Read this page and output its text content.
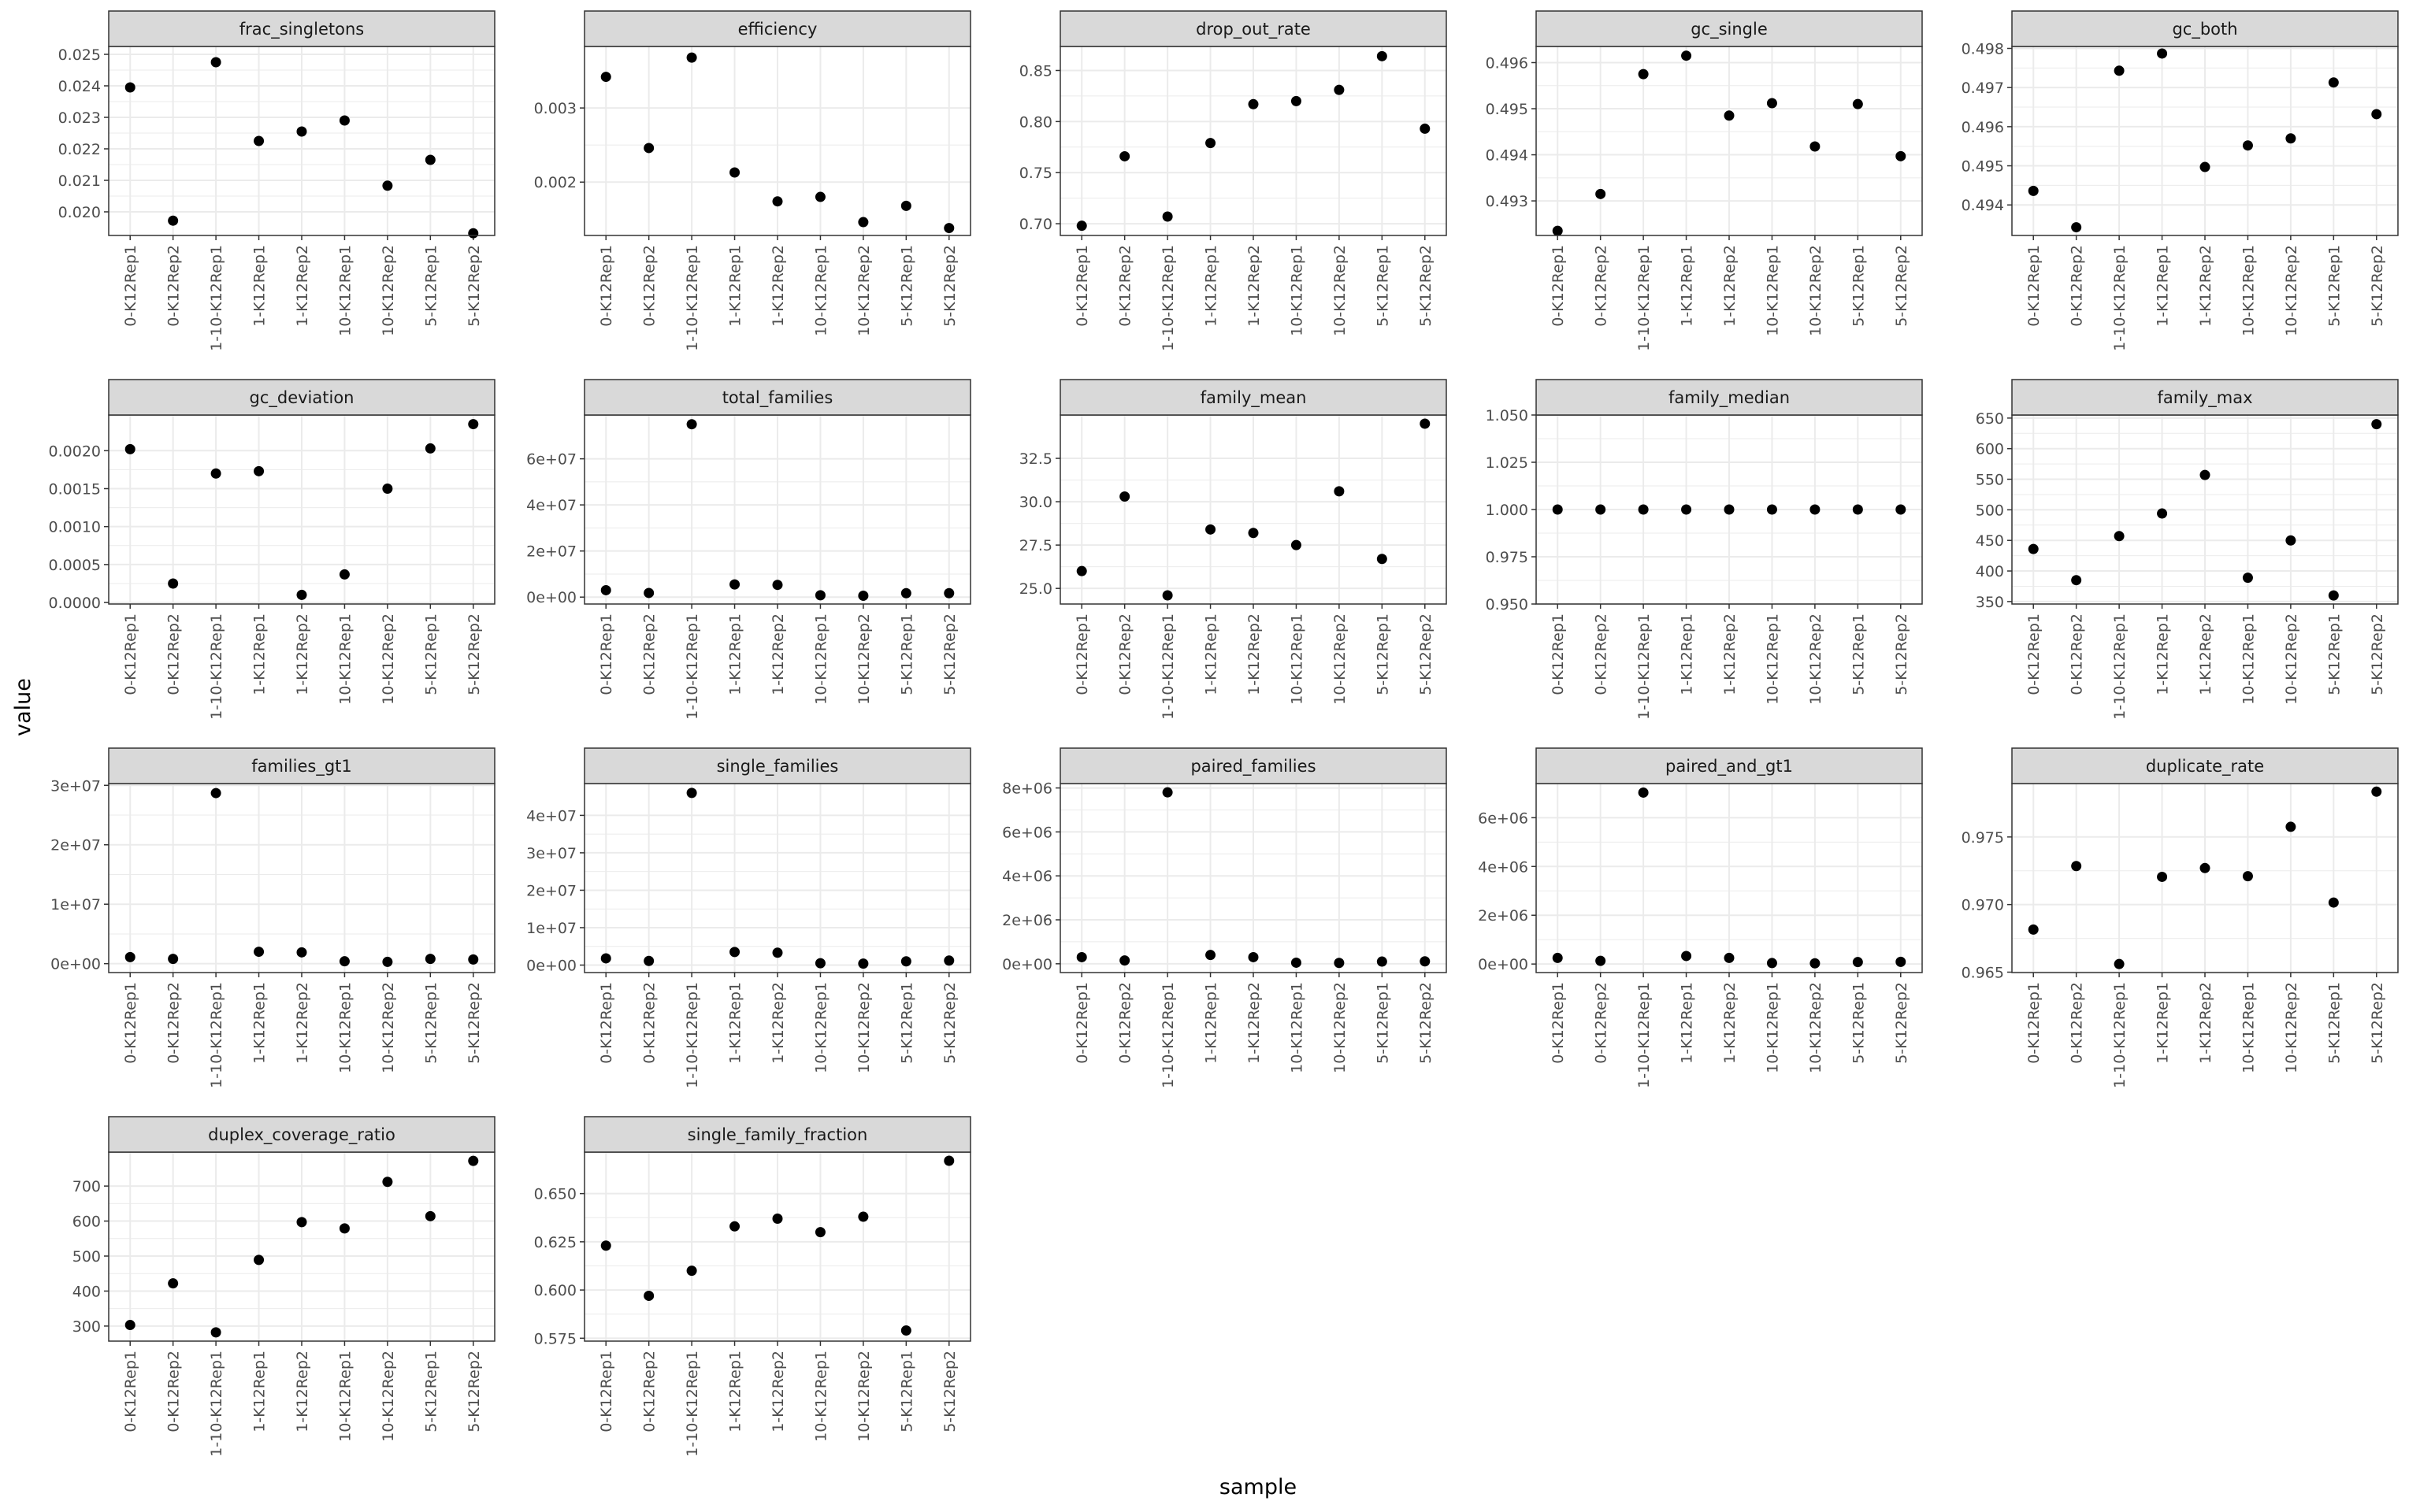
0.020
0.021
0.022
0.023
0.024
0.025
0-K12Rep1 0-K12Rep2 1-10-K12Rep1 1-K12Rep1 1-K12Rep2 10-K12Rep1 10-K12Rep2 5-K12Rep1 5-K12Rep2
frac_singletons
0.002
0.003
0-K12Rep1 0-K12Rep2 1-10-K12Rep1 1-K12Rep1 1-K12Rep2 10-K12Rep1 10-K12Rep2 5-K12Rep1 5-K12Rep2
efficiency
0.70
0.75
0.80
0.85
0-K12Rep1 0-K12Rep2 1-10-K12Rep1 1-K12Rep1 1-K12Rep2 10-K12Rep1 10-K12Rep2 5-K12Rep1 5-K12Rep2
drop_out_rate
0.493
0.494
0.495
0.496
0-K12Rep1 0-K12Rep2 1-10-K12Rep1 1-K12Rep1 1-K12Rep2 10-K12Rep1 10-K12Rep2 5-K12Rep1 5-K12Rep2
gc_single
0.494
0.495
0.496
0.497
0.498
0-K12Rep1 0-K12Rep2 1-10-K12Rep1 1-K12Rep1 1-K12Rep2 10-K12Rep1 10-K12Rep2 5-K12Rep1 5-K12Rep2
gc_both
0.0000
0.0005
0.0010
0.0015
0.0020
0-K12Rep1 0-K12Rep2 1-10-K12Rep1 1-K12Rep1 1-K12Rep2 10-K12Rep1 10-K12Rep2 5-K12Rep1 5-K12Rep2
gc_deviation
0e+00
2e+07
4e+07
6e+07
0-K12Rep1 0-K12Rep2 1-10-K12Rep1 1-K12Rep1 1-K12Rep2 10-K12Rep1 10-K12Rep2 5-K12Rep1 5-K12Rep2
total_families
25.0
27.5
30.0
32.5
0-K12Rep1 0-K12Rep2 1-10-K12Rep1 1-K12Rep1 1-K12Rep2 10-K12Rep1 10-K12Rep2 5-K12Rep1 5-K12Rep2
family_mean
0.950
0.975
1.000
1.025
1.050
0-K12Rep1 0-K12Rep2 1-10-K12Rep1 1-K12Rep1 1-K12Rep2 10-K12Rep1 10-K12Rep2 5-K12Rep1 5-K12Rep2
family_median
350
400
450
500
550
600
650
0-K12Rep1 0-K12Rep2 1-10-K12Rep1 1-K12Rep1 1-K12Rep2 10-K12Rep1 10-K12Rep2 5-K12Rep1 5-K12Rep2
family_max
0e+00
1e+07
2e+07
3e+07
0-K12Rep1 0-K12Rep2 1-10-K12Rep1 1-K12Rep1 1-K12Rep2 10-K12Rep1 10-K12Rep2 5-K12Rep1 5-K12Rep2
families_gt1
0e+00
1e+07
2e+07
3e+07
4e+07
0-K12Rep1 0-K12Rep2 1-10-K12Rep1 1-K12Rep1 1-K12Rep2 10-K12Rep1 10-K12Rep2 5-K12Rep1 5-K12Rep2
single_families
0e+00
2e+06
4e+06
6e+06
8e+06
0-K12Rep1 0-K12Rep2 1-10-K12Rep1 1-K12Rep1 1-K12Rep2 10-K12Rep1 10-K12Rep2 5-K12Rep1 5-K12Rep2
paired_families
0e+00
2e+06
4e+06
6e+06
0-K12Rep1 0-K12Rep2 1-10-K12Rep1 1-K12Rep1 1-K12Rep2 10-K12Rep1 10-K12Rep2 5-K12Rep1 5-K12Rep2
paired_and_gt1
0.965
0.970
0.975
0-K12Rep1 0-K12Rep2 1-10-K12Rep1 1-K12Rep1 1-K12Rep2 10-K12Rep1 10-K12Rep2 5-K12Rep1 5-K12Rep2
duplicate_rate
300
400
500
600
700
0-K12Rep1 0-K12Rep2 1-10-K12Rep1 1-K12Rep1 1-K12Rep2 10-K12Rep1 10-K12Rep2 5-K12Rep1 5-K12Rep2
duplex_coverage_ratio
0.575
0.600
0.625
0.650
0-K12Rep1 0-K12Rep2 1-10-K12Rep1 1-K12Rep1 1-K12Rep2 10-K12Rep1 10-K12Rep2 5-K12Rep1 5-K12Rep2
single_family_fraction
sample
value
